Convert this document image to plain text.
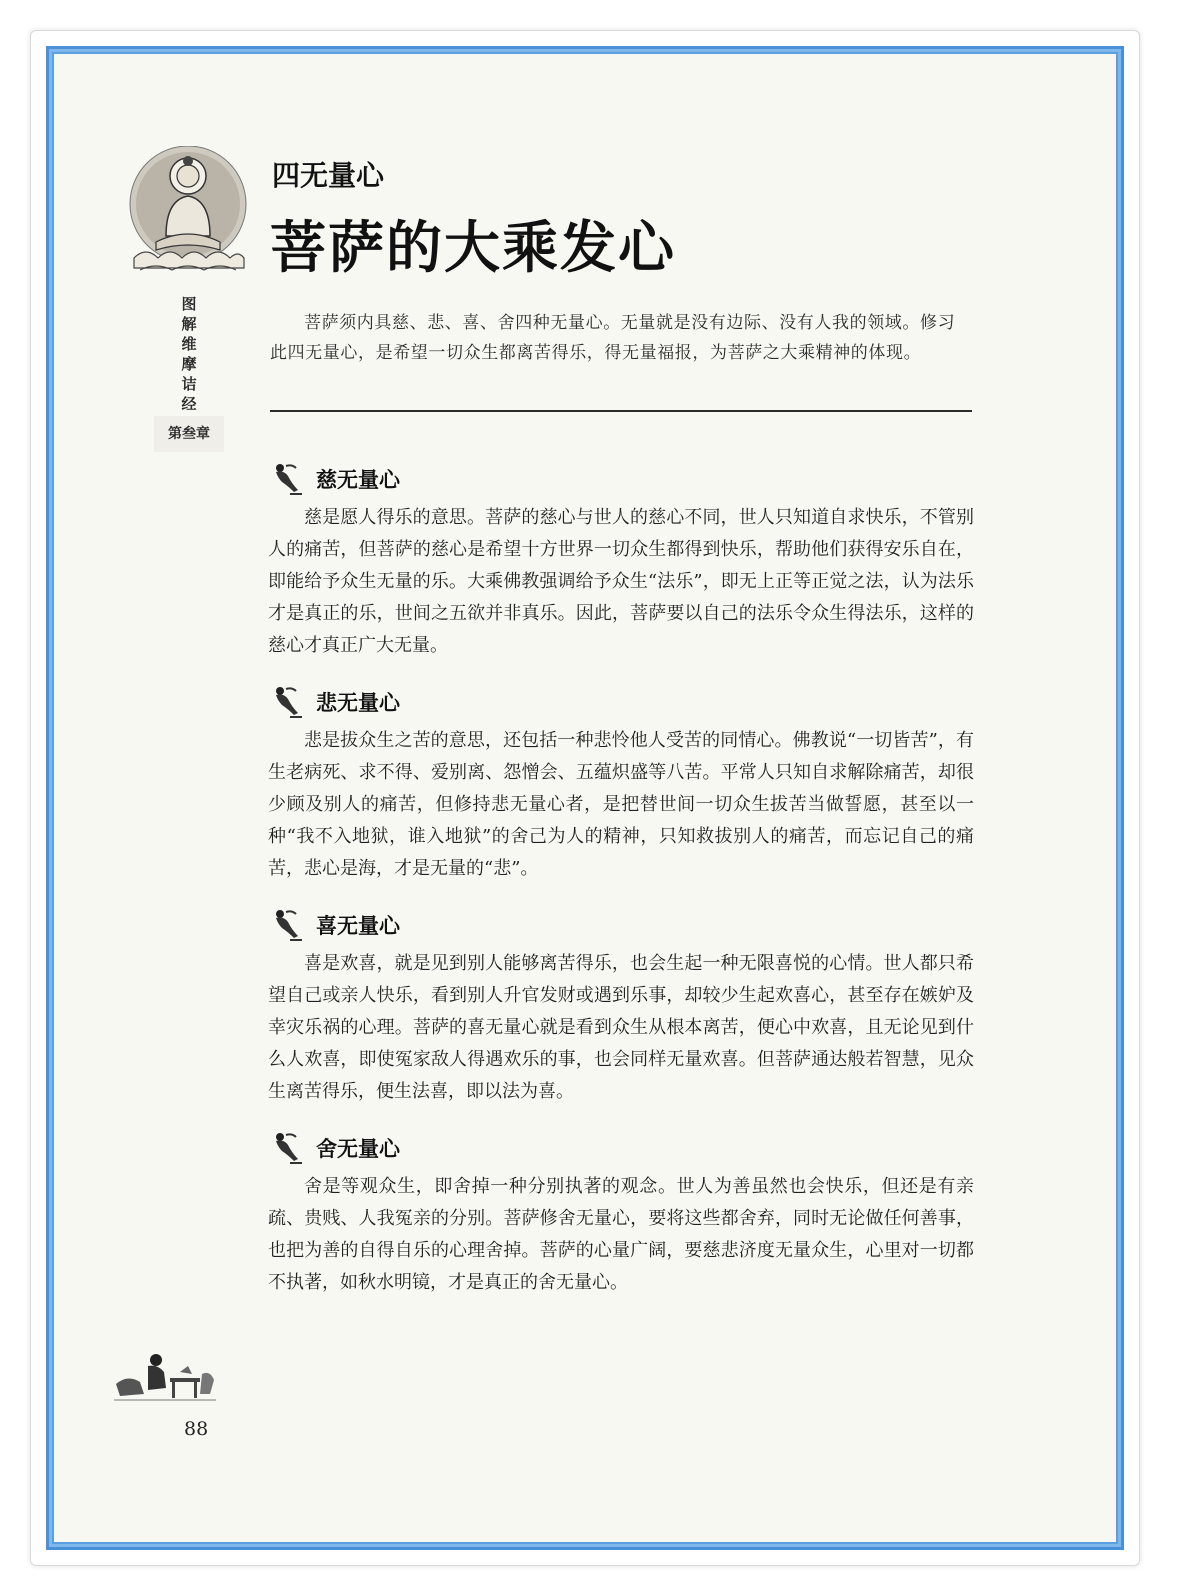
图
解
维
摩
诘
经
第叁章
四无量心
菩萨的大乘发心

菩萨须内具慈、悲、喜、舍四种无量心。无量就是没有边际、没有人我的领域。修习此四无量心，是希望一切众生都离苦得乐，得无量福报，为菩萨之大乘精神的体现。

慈无量心

慈是愿人得乐的意思。菩萨的慈心与世人的慈心不同，世人只知道自求快乐，不管别人的痛苦，但菩萨的慈心是希望十方世界一切众生都得到快乐，帮助他们获得安乐自在，即能给予众生无量的乐。大乘佛教强调给予众生“法乐”，即无上正等正觉之法，认为法乐才是真正的乐，世间之五欲并非真乐。因此，菩萨要以自己的法乐令众生得法乐，这样的慈心才真正广大无量。

悲无量心

悲是拔众生之苦的意思，还包括一种悲怜他人受苦的同情心。佛教说“一切皆苦”，有生老病死、求不得、爱别离、怨憎会、五蕴炽盛等八苦。平常人只知自求解除痛苦，却很少顾及别人的痛苦，但修持悲无量心者，是把替世间一切众生拔苦当做誓愿，甚至以一种“我不入地狱，谁入地狱”的舍己为人的精神，只知救拔别人的痛苦，而忘记自己的痛苦，悲心是海，才是无量的“悲”。

喜无量心

喜是欢喜，就是见到别人能够离苦得乐，也会生起一种无限喜悦的心情。世人都只希望自己或亲人快乐，看到别人升官发财或遇到乐事，却较少生起欢喜心，甚至存在嫉妒及幸灾乐祸的心理。菩萨的喜无量心就是看到众生从根本离苦，便心中欢喜，且无论见到什么人欢喜，即使冤家敌人得遇欢乐的事，也会同样无量欢喜。但菩萨通达般若智慧，见众生离苦得乐，便生法喜，即以法为喜。

舍无量心

舍是等观众生，即舍掉一种分别执著的观念。世人为善虽然也会快乐，但还是有亲疏、贵贱、人我冤亲的分别。菩萨修舍无量心，要将这些都舍弃，同时无论做任何善事，也把为善的自得自乐的心理舍掉。菩萨的心量广阔，要慈悲济度无量众生，心里对一切都不执著，如秋水明镜，才是真正的舍无量心。

88
